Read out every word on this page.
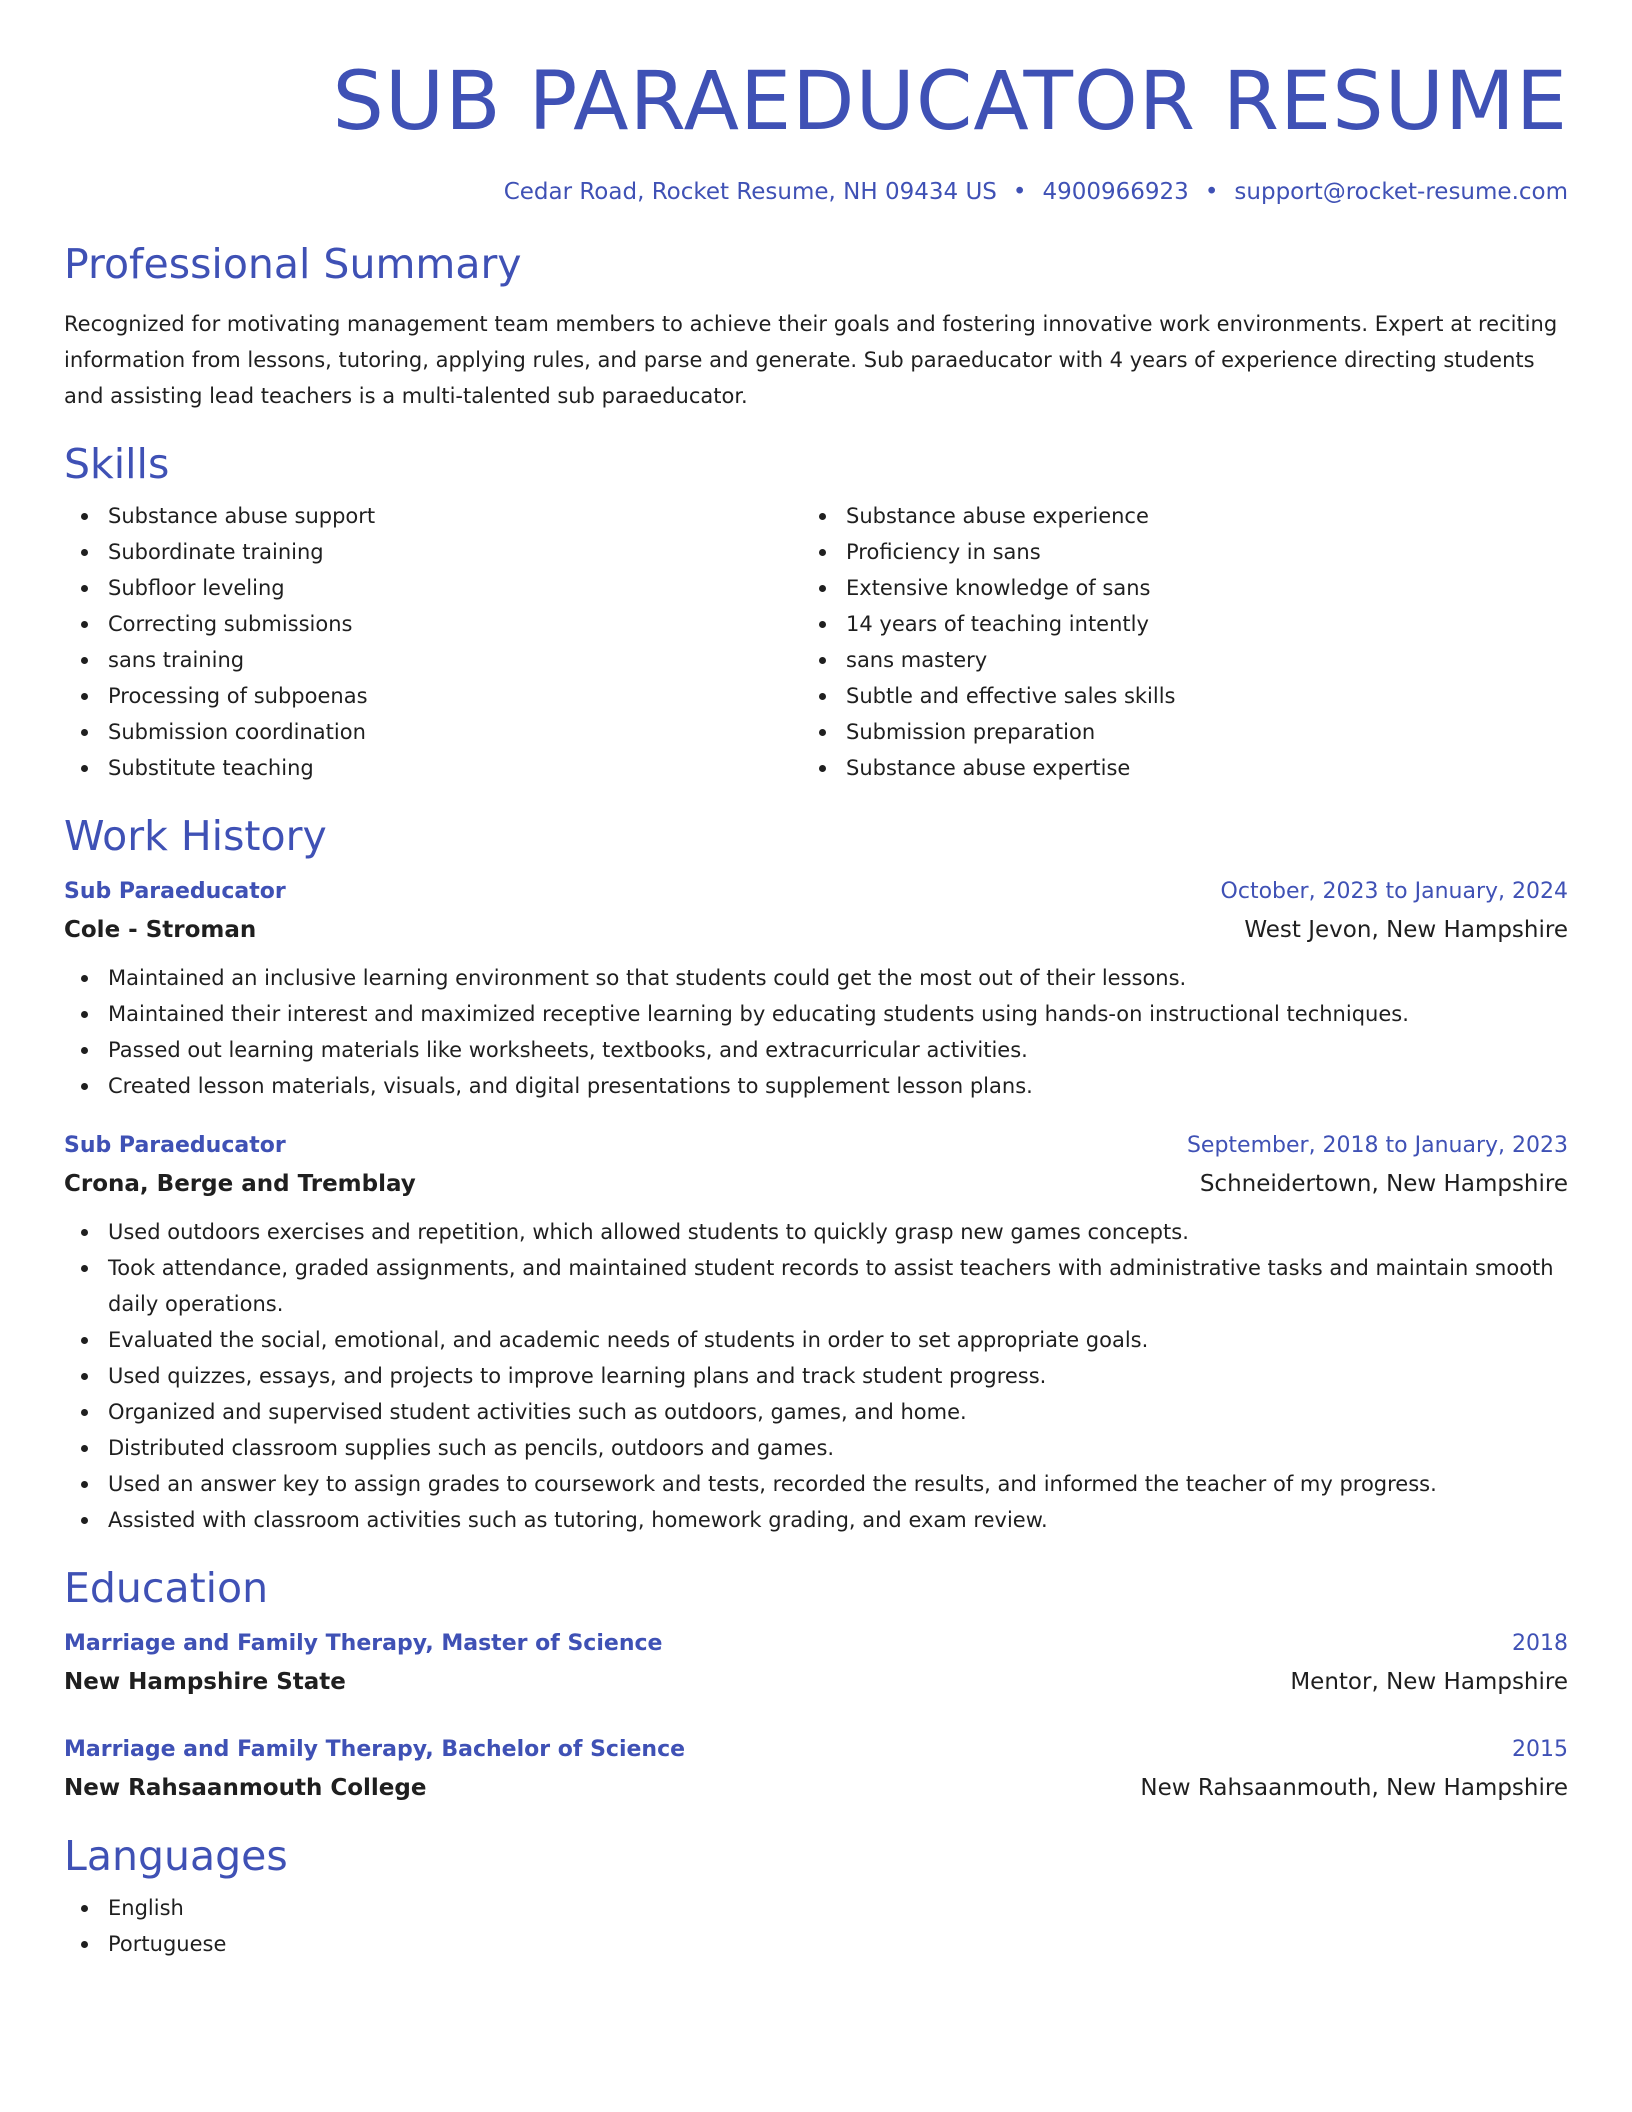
SUB PARAEDUCATOR RESUME
Cedar Road, Rocket Resume, NH 09434 US • 4900966923 • support@rocket-resume.com
Professional Summary

Recognized for motivating management team members to achieve their goals and fostering innovative work environments. Expert at reciting information from lessons, tutoring, applying rules, and parse and generate. Sub paraeducator with 4 years of experience directing students and assisting lead teachers is a multi-talented sub paraeducator.

Skills
Substance abuse support
Subordinate training
Subfloor leveling
Correcting submissions
sans training
Processing of subpoenas
Submission coordination
Substitute teaching
Substance abuse experience
Proficiency in sans
Extensive knowledge of sans
14 years of teaching intently
sans mastery
Subtle and effective sales skills
Submission preparation
Substance abuse expertise
Work History
Sub Paraeducator	October, 2023 to January, 2024
Cole - Stroman	West Jevon, New Hampshire
Maintained an inclusive learning environment so that students could get the most out of their lessons.
Maintained their interest and maximized receptive learning by educating students using hands-on instructional techniques.
Passed out learning materials like worksheets, textbooks, and extracurricular activities.
Created lesson materials, visuals, and digital presentations to supplement lesson plans.
Sub Paraeducator	September, 2018 to January, 2023
Crona, Berge and Tremblay	Schneidertown, New Hampshire
Used outdoors exercises and repetition, which allowed students to quickly grasp new games concepts.
Took attendance, graded assignments, and maintained student records to assist teachers with administrative tasks and maintain smooth daily operations.
Evaluated the social, emotional, and academic needs of students in order to set appropriate goals.
Used quizzes, essays, and projects to improve learning plans and track student progress.
Organized and supervised student activities such as outdoors, games, and home.
Distributed classroom supplies such as pencils, outdoors and games.
Used an answer key to assign grades to coursework and tests, recorded the results, and informed the teacher of my progress.
Assisted with classroom activities such as tutoring, homework grading, and exam review.
Education
Marriage and Family Therapy, Master of Science	2018
New Hampshire State	Mentor, New Hampshire
Marriage and Family Therapy, Bachelor of Science	2015
New Rahsaanmouth College	New Rahsaanmouth, New Hampshire
Languages
English
Portuguese
